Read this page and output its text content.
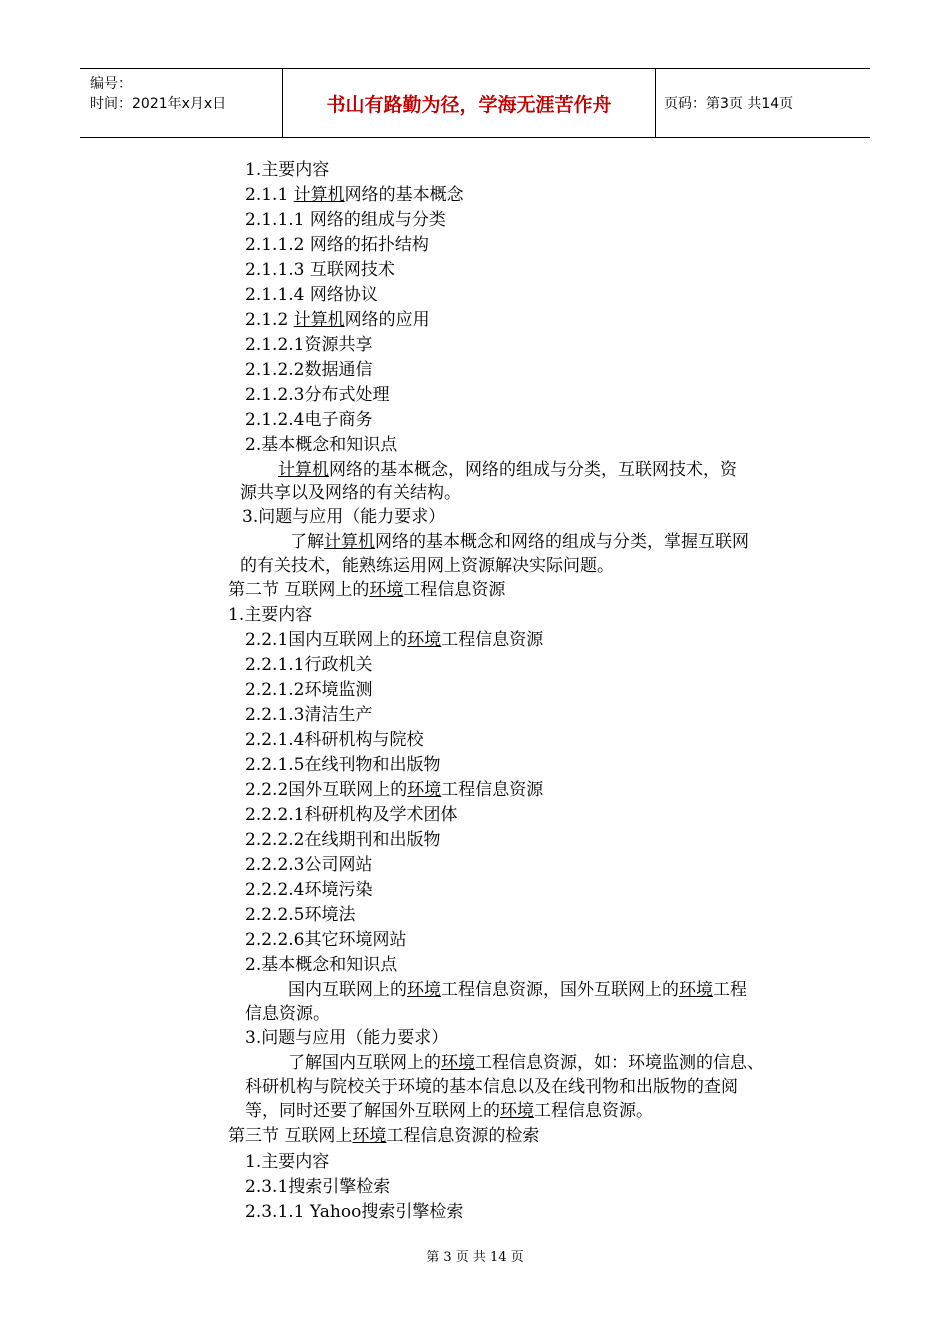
编号：
时间：2021年x月x日	书山有路勤为径，学海无涯苦作舟	页码：第3页 共14页
1.主要内容
2.1.1 计算机网络的基本概念
2.1.1.1 网络的组成与分类
2.1.1.2 网络的拓扑结构
2.1.1.3 互联网技术
2.1.1.4 网络协议
2.1.2 计算机网络的应用
2.1.2.1资源共享
2.1.2.2数据通信
2.1.2.3分布式处理
2.1.2.4电子商务
2.基本概念和知识点
计算机网络的基本概念，网络的组成与分类，互联网技术，资
源共享以及网络的有关结构。
3.问题与应用（能力要求）
了解计算机网络的基本概念和网络的组成与分类，掌握互联网
的有关技术，能熟练运用网上资源解决实际问题。
第二节 互联网上的环境工程信息资源
1.主要内容
2.2.1国内互联网上的环境工程信息资源
2.2.1.1行政机关
2.2.1.2环境监测
2.2.1.3清洁生产
2.2.1.4科研机构与院校
2.2.1.5在线刊物和出版物
2.2.2国外互联网上的环境工程信息资源
2.2.2.1科研机构及学术团体
2.2.2.2在线期刊和出版物
2.2.2.3公司网站
2.2.2.4环境污染
2.2.2.5环境法
2.2.2.6其它环境网站
2.基本概念和知识点
国内互联网上的环境工程信息资源，国外互联网上的环境工程
信息资源。
3.问题与应用（能力要求）
了解国内互联网上的环境工程信息资源，如：环境监测的信息、
科研机构与院校关于环境的基本信息以及在线刊物和出版物的查阅
等，同时还要了解国外互联网上的环境工程信息资源。
第三节 互联网上环境工程信息资源的检索
1.主要内容
2.3.1搜索引擎检索
2.3.1.1 Yahoo搜索引擎检索
第 3 页 共 14 页
